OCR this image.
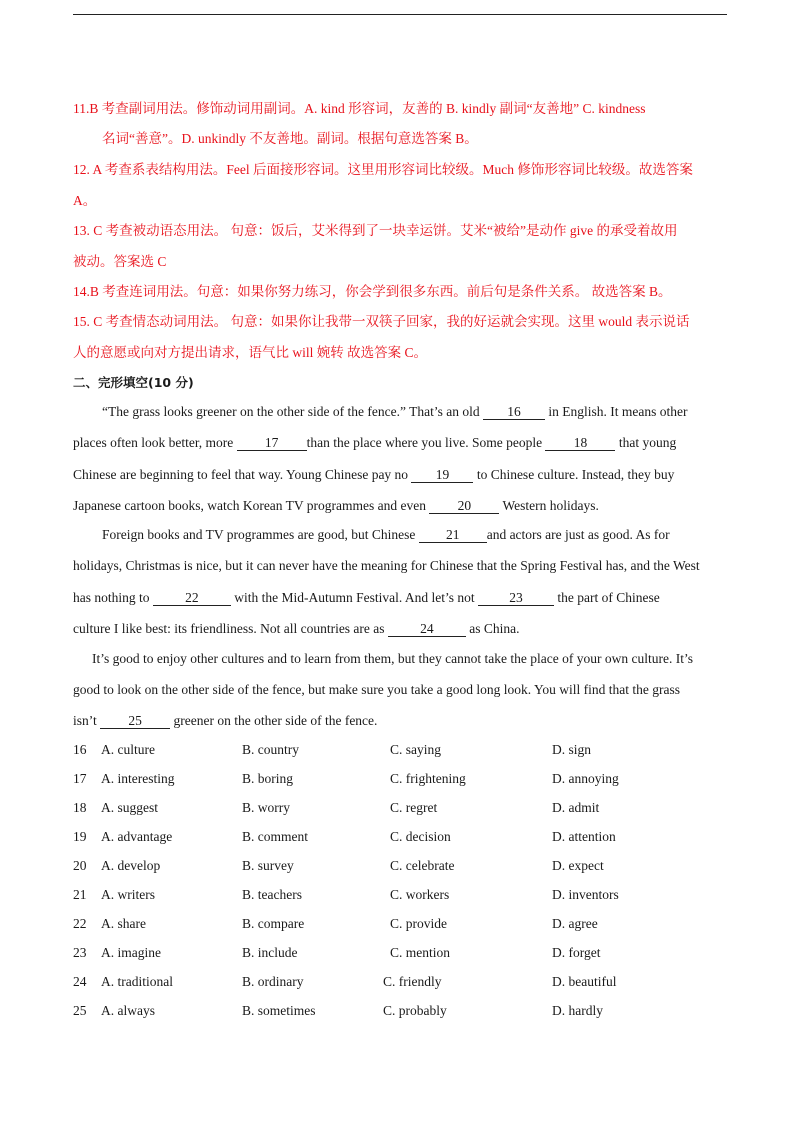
11.B 考查副词用法。修饰动词用副词。A. kind 形容词，友善的 B. kindly 副词“友善地” C. kindness
名词“善意”。D. unkindly 不友善地。副词。根据句意选答案 B。
12. A 考查系表结构用法。Feel 后面接形容词。这里用形容词比较级。Much 修饰形容词比较级。故选答案
A。
13. C 考查被动语态用法。 句意：饭后，艾米得到了一块幸运饼。艾米“被给”是动作 give 的承受着故用
被动。答案选 C
14.B 考查连词用法。句意：如果你努力练习，你会学到很多东西。前后句是条件关系。 故选答案 B。
15. C 考查情态动词用法。 句意：如果你让我带一双筷子回家，我的好运就会实现。这里 would 表示说话
人的意愿或向对方提出请求，语气比 will 婉转 故选答案 C。
二、完形填空(10 分)
“The grass looks greener on the other side of the fence.” That’s an old 16 in English. It means other
places often look better, more 17 than the place where you live. Some people 18 that young
Chinese are beginning to feel that way. Young Chinese pay no 19 to Chinese culture. Instead, they buy
Japanese cartoon books, watch Korean TV programmes and even 20 Western holidays.
Foreign books and TV programmes are good, but Chinese 21 and actors are just as good. As for
holidays, Christmas is nice, but it can never have the meaning for Chinese that the Spring Festival has, and the West
has nothing to 22 with the Mid-Autumn Festival. And let’s not 23 the part of Chinese
culture I like best: its friendliness. Not all countries are as 24 as China.
It’s good to enjoy other cultures and to learn from them, but they cannot take the place of your own culture. It’s
good to look on the other side of the fence, but make sure you take a good long look. You will find that the grass
isn’t 25 greener on the other side of the fence.
16 A. culture	B. country	C. saying	D. sign
17 A. interesting	B. boring	C. frightening	D. annoying
18 A. suggest	B. worry	C. regret	D. admit
19 A. advantage	B. comment	C. decision	D. attention
20 A. develop	B. survey	C. celebrate	D. expect
21 A. writers	B. teachers	C. workers	D. inventors
22 A. share	B. compare	C. provide	D. agree
23 A. imagine	B. include	C. mention	D. forget
24 A. traditional	B. ordinary	C. friendly	D. beautiful
25 A. always	B. sometimes	C. probably	D. hardly
